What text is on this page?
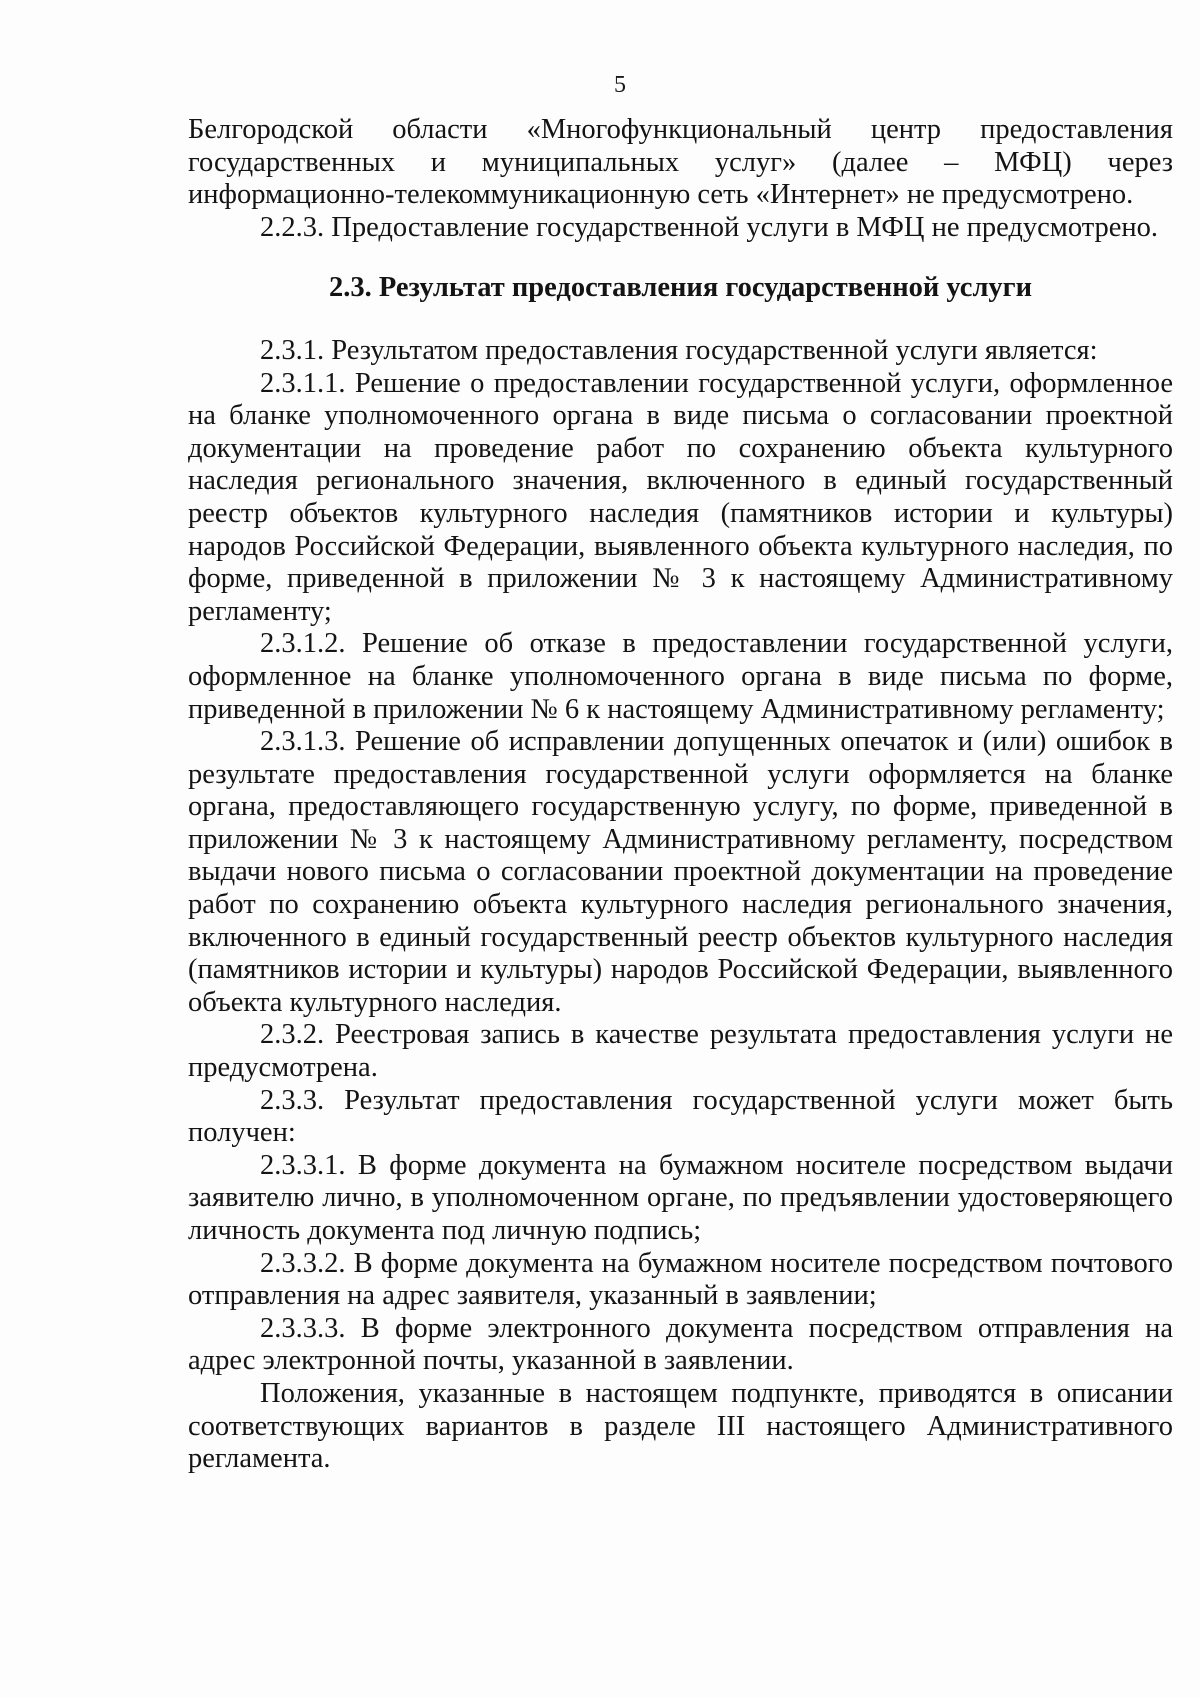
5

Белгородской области «Многофункциональный центр предоставления государственных и муниципальных услуг» (далее – МФЦ) через информационно-телекоммуникационную сеть «Интернет» не предусмотрено.

2.2.3. Предоставление государственной услуги в МФЦ не предусмотрено.

2.3. Результат предоставления государственной услуги

2.3.1. Результатом предоставления государственной услуги является:

2.3.1.1. Решение о предоставлении государственной услуги, оформленное на бланке уполномоченного органа в виде письма о согласовании проектной документации на проведение работ по сохранению объекта культурного наследия регионального значения, включенного в единый государственный реестр объектов культурного наследия (памятников истории и культуры) народов Российской Федерации, выявленного объекта культурного наследия, по форме, приведенной в приложении № 3 к настоящему Административному регламенту;

2.3.1.2. Решение об отказе в предоставлении государственной услуги, оформленное на бланке уполномоченного органа в виде письма по форме, приведенной в приложении № 6 к настоящему Административному регламенту;

2.3.1.3. Решение об исправлении допущенных опечаток и (или) ошибок в результате предоставления государственной услуги оформляется на бланке органа, предоставляющего государственную услугу, по форме, приведенной в приложении № 3 к настоящему Административному регламенту, посредством выдачи нового письма о согласовании проектной документации на проведение работ по сохранению объекта культурного наследия регионального значения, включенного в единый государственный реестр объектов культурного наследия (памятников истории и культуры) народов Российской Федерации, выявленного объекта культурного наследия.

2.3.2. Реестровая запись в качестве результата предоставления услуги не предусмотрена.

2.3.3. Результат предоставления государственной услуги может быть получен:

2.3.3.1. В форме документа на бумажном носителе посредством выдачи заявителю лично, в уполномоченном органе, по предъявлении удостоверяющего личность документа под личную подпись;

2.3.3.2. В форме документа на бумажном носителе посредством почтового отправления на адрес заявителя, указанный в заявлении;

2.3.3.3. В форме электронного документа посредством отправления на адрес электронной почты, указанной в заявлении.

Положения, указанные в настоящем подпункте, приводятся в описании соответствующих вариантов в разделе III настоящего Административного регламента.
